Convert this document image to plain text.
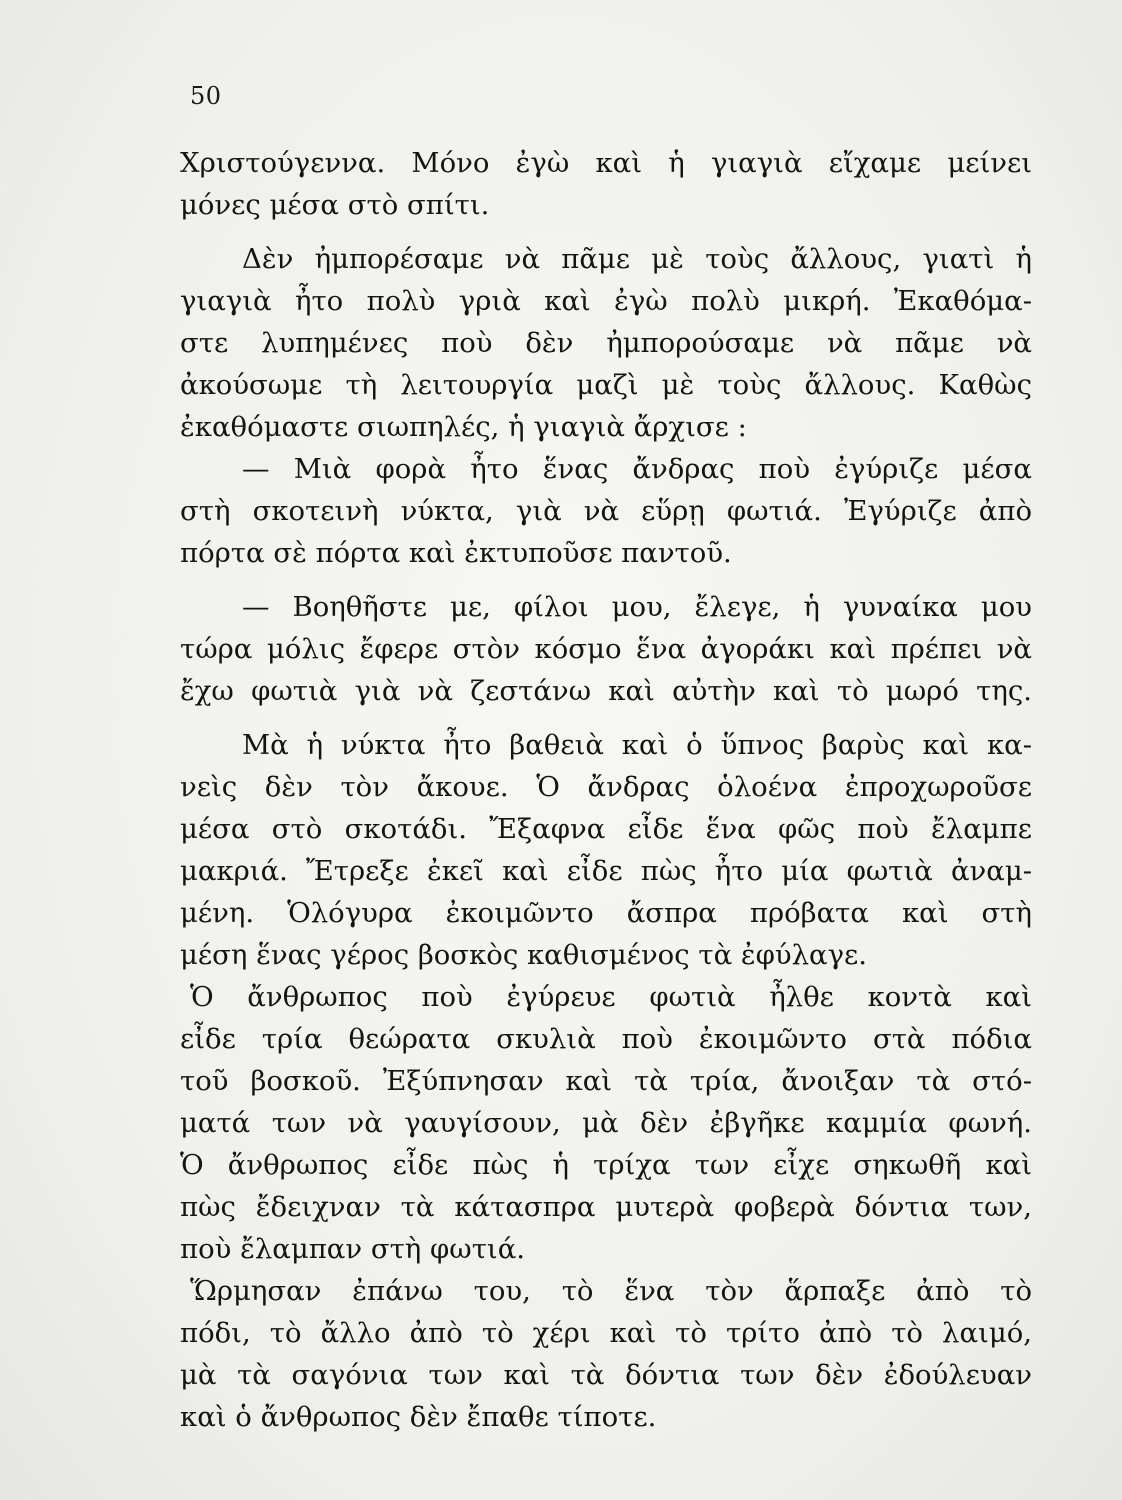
50
Χριστούγεννα. Μόνο ἐγὼ καὶ ἡ γιαγιὰ εἴχαμε μείνει
μόνες μέσα στὸ σπίτι.
Δὲν ἠμπορέσαμε νὰ πᾶμε μὲ τοὺς ἄλλους, γιατὶ ἡ
γιαγιὰ ἦτο πολὺ γριὰ καὶ ἐγὼ πολὺ μικρή. Ἐκαθόμα-
στε λυπημένες ποὺ δὲν ἠμπορούσαμε νὰ πᾶμε νὰ
ἀκούσωμε τὴ λειτουργία μαζὶ μὲ τοὺς ἄλλους. Καθὼς
ἐκαθόμαστε σιωπηλές, ἡ γιαγιὰ ἄρχισε :
— Μιὰ φορὰ ἦτο ἕνας ἄνδρας ποὺ ἐγύριζε μέσα
στὴ σκοτεινὴ νύκτα, γιὰ νὰ εὕρῃ φωτιά. Ἐγύριζε ἀπὸ
πόρτα σὲ πόρτα καὶ ἐκτυποῦσε παντοῦ.
— Βοηθῆστε με, φίλοι μου, ἔλεγε, ἡ γυναίκα μου
τώρα μόλις ἔφερε στὸν κόσμο ἕνα ἀγοράκι καὶ πρέπει νὰ
ἔχω φωτιὰ γιὰ νὰ ζεστάνω καὶ αὐτὴν καὶ τὸ μωρό της.
Μὰ ἡ νύκτα ἦτο βαθειὰ καὶ ὁ ὕπνος βαρὺς καὶ κα-
νεὶς δὲν τὸν ἄκουε. Ὁ ἄνδρας ὁλοένα ἐπροχωροῦσε
μέσα στὸ σκοτάδι. Ἔξαφνα εἶδε ἕνα φῶς ποὺ ἔλαμπε
μακριά. Ἔτρεξε ἐκεῖ καὶ εἶδε πὼς ἦτο μία φωτιὰ ἀναμ-
μένη. Ὁλόγυρα ἐκοιμῶντο ἄσπρα πρόβατα καὶ στὴ
μέση ἕνας γέρος βοσκὸς καθισμένος τὰ ἐφύλαγε.
Ὁ ἄνθρωπος ποὺ ἐγύρευε φωτιὰ ἦλθε κοντὰ καὶ
εἶδε τρία θεώρατα σκυλιὰ ποὺ ἐκοιμῶντο στὰ πόδια
τοῦ βοσκοῦ. Ἐξύπνησαν καὶ τὰ τρία, ἄνοιξαν τὰ στό-
ματά των νὰ γαυγίσουν, μὰ δὲν ἐβγῆκε καμμία φωνή.
Ὁ ἄνθρωπος εἶδε πὼς ἡ τρίχα των εἶχε σηκωθῆ καὶ
πὼς ἔδειχναν τὰ κάτασπρα μυτερὰ φοβερὰ δόντια των,
ποὺ ἔλαμπαν στὴ φωτιά.
Ὥρμησαν ἐπάνω του, τὸ ἕνα τὸν ἅρπαξε ἀπὸ τὸ
πόδι, τὸ ἄλλο ἀπὸ τὸ χέρι καὶ τὸ τρίτο ἀπὸ τὸ λαιμό,
μὰ τὰ σαγόνια των καὶ τὰ δόντια των δὲν ἐδούλευαν
καὶ ὁ ἄνθρωπος δὲν ἔπαθε τίποτε.
